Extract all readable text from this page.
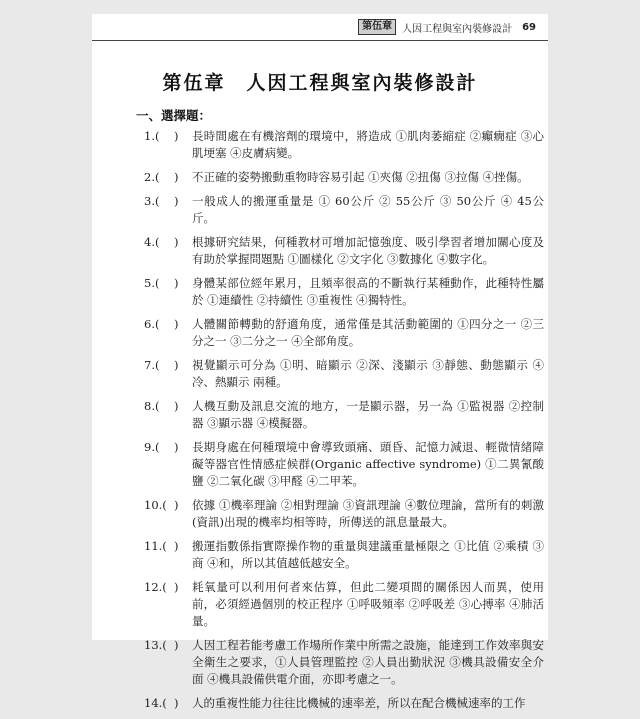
第伍章	人因工程與室內裝修設計 69
第伍章　人因工程與室內裝修設計
一、選擇題：
1.( ) 長時間處在有機溶劑的環境中，將造成 ①肌肉萎縮症 ②癲癇症 ③心肌埂塞 ④皮膚病變。
2.( ) 不正確的姿勢搬動重物時容易引起 ①夾傷 ②扭傷 ③拉傷 ④挫傷。
3.( ) 一般成人的搬運重量是 ① 60公斤 ② 55公斤 ③ 50公斤 ④ 45公斤。
4.( ) 根據研究結果，何種教材可增加記憶強度、吸引學習者增加關心度及有助於掌握問題點 ①圖樣化 ②文字化 ③數據化 ④數字化。
5.( ) 身體某部位經年累月，且頻率很高的不斷執行某種動作，此種特性屬於 ①連續性 ②持續性 ③重複性 ④獨特性。
6.( ) 人體關節轉動的舒適角度，通常僅是其活動範圍的 ①四分之一 ②三分之一 ③二分之一 ④全部角度。
7.( ) 視覺顯示可分為 ①明、暗顯示 ②深、淺顯示 ③靜態、動態顯示 ④冷、熱顯示 兩種。
8.( ) 人機互動及訊息交流的地方，一是顯示器，另一為 ①監視器 ②控制器 ③顯示器 ④模擬器。
9.( ) 長期身處在何種環境中會導致頭痛、頭昏、記憶力減退、輕微情緒障礙等器官性情感症候群(Organic affective syndrome) ①二異氰酸鹽 ②二氧化碳 ③甲醛 ④二甲苯。
10.( ) 依據 ①機率理論 ②相對理論 ③資訊理論 ④數位理論，當所有的刺激(資訊)出現的機率均相等時，所傳送的訊息量最大。
11.( ) 搬運指數係指實際操作物的重量與建議重量極限之 ①比值 ②乘積 ③商 ④和，所以其值越低越安全。
12.( ) 耗氧量可以利用何者來估算，但此二變項間的關係因人而異，使用前，必須經過個別的校正程序 ①呼吸頻率 ②呼吸差 ③心搏率 ④肺活量。
13.( ) 人因工程若能考慮工作場所作業中所需之設施，能達到工作效率與安全衛生之要求，①人員管理監控 ②人員出勤狀況 ③機具設備安全介面 ④機具設備供電介面，亦即考慮之一。
14.( ) 人的重複性能力往往比機械的速率差，所以在配合機械速率的工作
